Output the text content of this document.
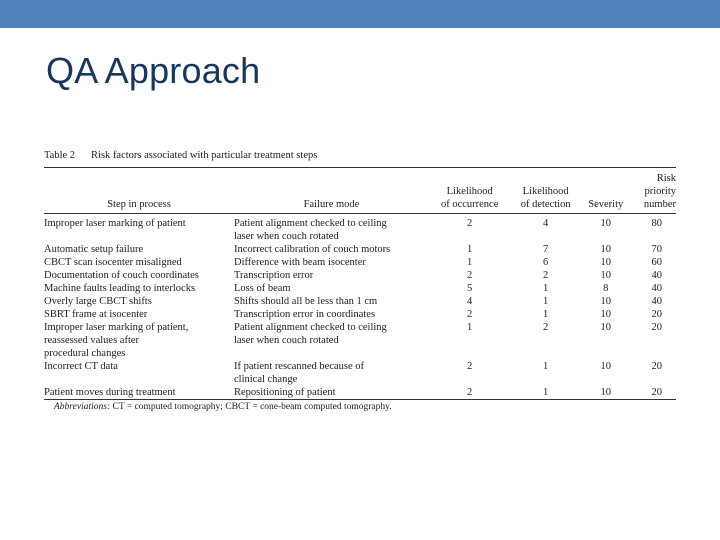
QA Approach
Table 2 Risk factors associated with particular treatment steps
Step in process	Failure mode	Likelihood
of occurrence	Likelihood
of detection	Severity	Risk
priority
number
Improper laser marking of patient	Patient alignment checked to ceiling
laser when couch rotated	2	4	10	80
Automatic setup failure	Incorrect calibration of couch motors	1	7	10	70
CBCT scan isocenter misaligned	Difference with beam isocenter	1	6	10	60
Documentation of couch coordinates	Transcription error	2	2	10	40
Machine faults leading to interlocks	Loss of beam	5	1	8	40
Overly large CBCT shifts	Shifts should all be less than 1 cm	4	1	10	40
SBRT frame at isocenter	Transcription error in coordinates	2	1	10	20
Improper laser marking of patient,
reassessed values after
procedural changes	Patient alignment checked to ceiling
laser when couch rotated	1	2	10	20
Incorrect CT data	If patient rescanned because of
clinical change	2	1	10	20
Patient moves during treatment	Repositioning of patient	2	1	10	20
Abbreviations: CT = computed tomography; CBCT = cone-beam computed tomography.
